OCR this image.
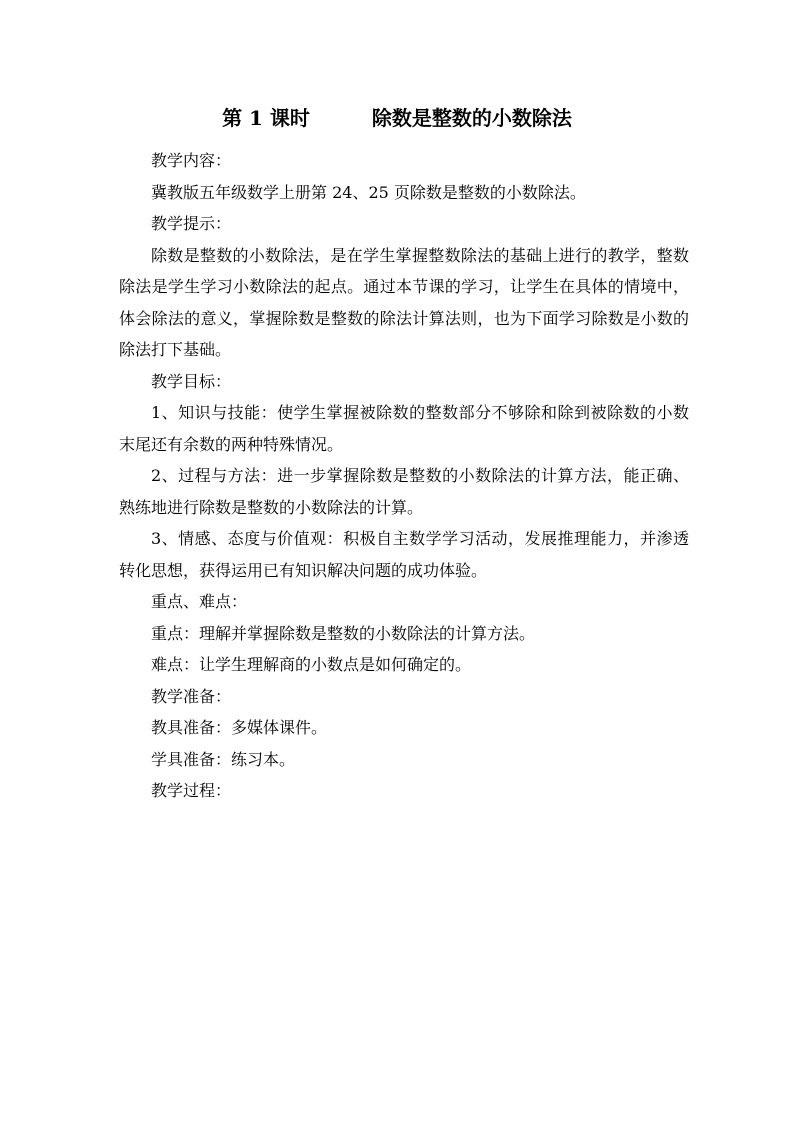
第 1 课时	除数是整数的小数除法

教学内容：

冀教版五年级数学上册第 24、25 页除数是整数的小数除法。

教学提示：

除数是整数的小数除法，是在学生掌握整数除法的基础上进行的教学，整数除法是学生学习小数除法的起点。通过本节课的学习，让学生在具体的情境中，体会除法的意义，掌握除数是整数的除法计算法则，也为下面学习除数是小数的除法打下基础。

教学目标：

1、知识与技能：使学生掌握被除数的整数部分不够除和除到被除数的小数末尾还有余数的两种特殊情况。

2、过程与方法：进一步掌握除数是整数的小数除法的计算方法，能正确、熟练地进行除数是整数的小数除法的计算。

3、情感、态度与价值观：积极自主数学学习活动，发展推理能力，并渗透转化思想，获得运用已有知识解决问题的成功体验。

重点、难点：

重点：理解并掌握除数是整数的小数除法的计算方法。

难点：让学生理解商的小数点是如何确定的。

教学准备：

教具准备：多媒体课件。

学具准备：练习本。

教学过程：
